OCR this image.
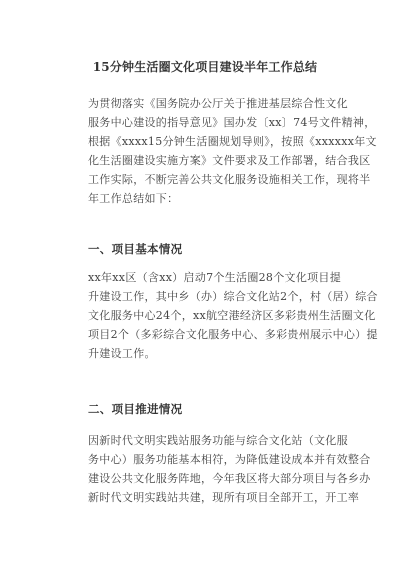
15分钟生活圈文化项目建设半年工作总结
为贯彻落实《国务院办公厅关于推进基层综合性文化
服务中心建设的指导意见》国办发〔xx〕74号文件精神，
根据《xxxx15分钟生活圈规划导则》，按照《xxxxxx年文
化生活圈建设实施方案》文件要求及工作部署，结合我区
工作实际，不断完善公共文化服务设施相关工作，现将半
年工作总结如下：
一、项目基本情况
xx年xx区（含xx）启动7个生活圈28个文化项目提
升建设工作，其中乡（办）综合文化站2个，村（居）综合
文化服务中心24个，xx航空港经济区多彩贵州生活圈文化
项目2个（多彩综合文化服务中心、多彩贵州展示中心）提
升建设工作。
二、项目推进情况
因新时代文明实践站服务功能与综合文化站（文化服
务中心）服务功能基本相符，为降低建设成本并有效整合
建设公共文化服务阵地，今年我区将大部分项目与各乡办
新时代文明实践站共建，现所有项目全部开工，开工率
